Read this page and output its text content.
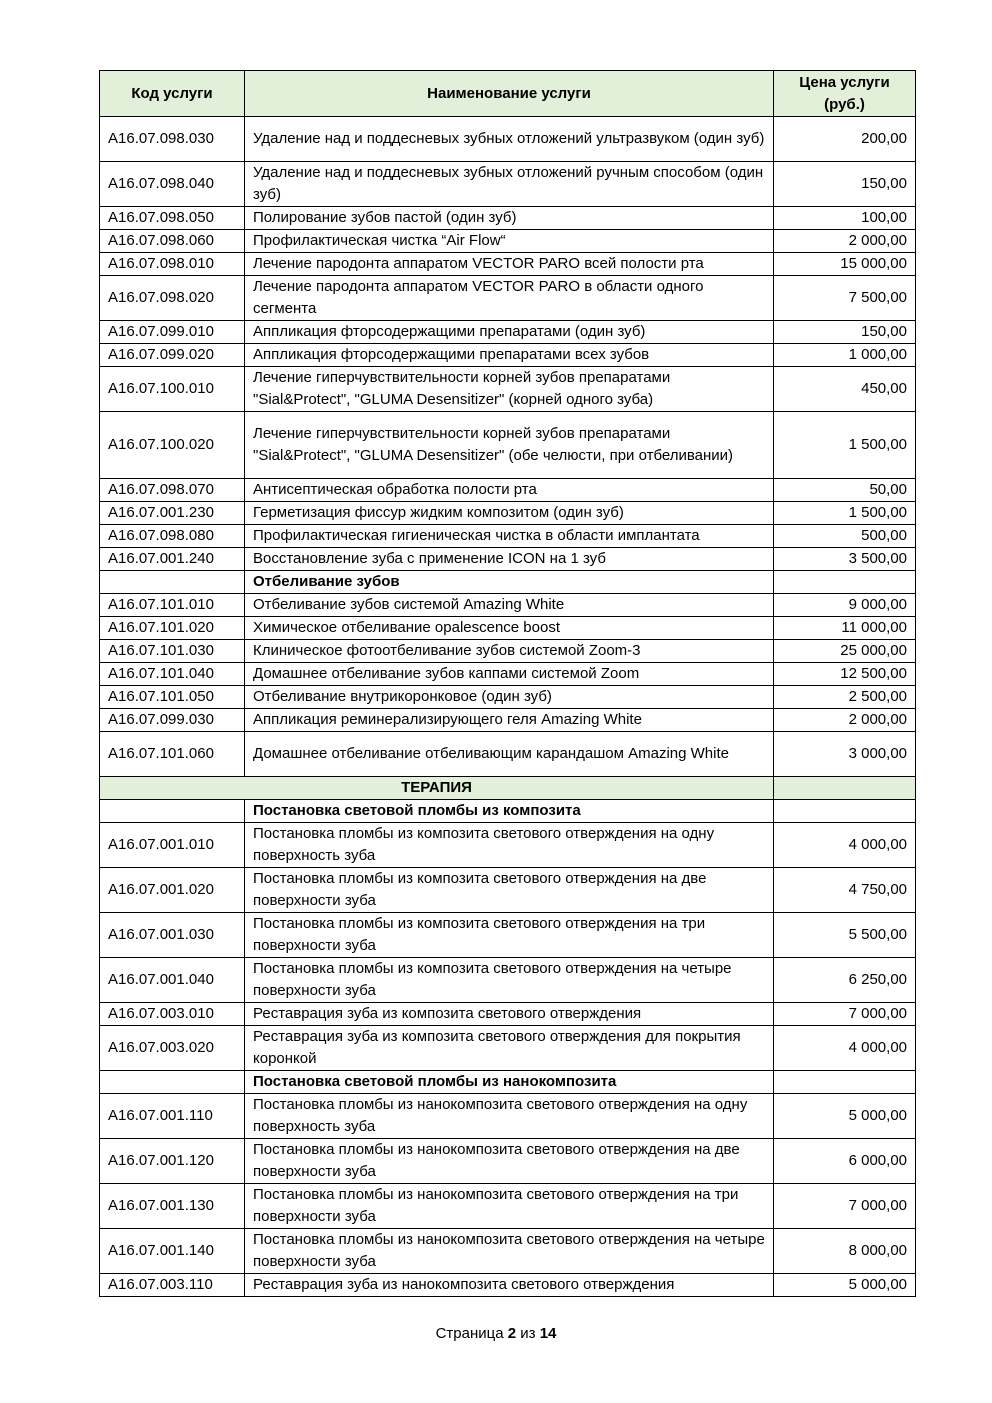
Код услуги	Наименование услуги	Цена услуги (руб.)
A16.07.098.030	Удаление над и поддесневых зубных отложений ультразвуком (один зуб)	200,00
A16.07.098.040	Удаление над и поддесневых зубных отложений ручным способом (один зуб)	150,00
A16.07.098.050	Полирование зубов пастой (один зуб)	100,00
A16.07.098.060	Профилактическая чистка “Air Flow“	2 000,00
A16.07.098.010	Лечение пародонта аппаратом VECTOR PARO всей полости рта	15 000,00
A16.07.098.020	Лечение пародонта аппаратом VECTOR PARO в области одного сегмента	7 500,00
A16.07.099.010	Аппликация фторсодержащими препаратами (один зуб)	150,00
A16.07.099.020	Аппликация фторсодержащими препаратами всех зубов	1 000,00
A16.07.100.010	Лечение гиперчувствительности корней зубов препаратами "Sial&Protect", "GLUMA Desensitizer" (корней одного зуба)	450,00
A16.07.100.020	Лечение гиперчувствительности корней зубов препаратами "Sial&Protect", "GLUMA Desensitizer" (обе челюсти, при отбеливании)	1 500,00
A16.07.098.070	Антисептическая обработка полости рта	50,00
A16.07.001.230	Герметизация фиссур жидким композитом (один зуб)	1 500,00
A16.07.098.080	Профилактическая гигиеническая чистка в области имплантата	500,00
A16.07.001.240	Восстановление зуба с применение ICON на 1 зуб	3 500,00
	Отбеливание зубов	
A16.07.101.010	Отбеливание зубов системой Amazing White	9 000,00
A16.07.101.020	Химическое отбеливание opalescence boost	11 000,00
A16.07.101.030	Клиническое фотоотбеливание зубов системой Zoom-3	25 000,00
A16.07.101.040	Домашнее отбеливание зубов каппами системой Zoom	12 500,00
A16.07.101.050	Отбеливание внутрикоронковое (один зуб)	2 500,00
A16.07.099.030	Аппликация реминерализирующего геля Amazing White	2 000,00
A16.07.101.060	Домашнее отбеливание отбеливающим карандашом Amazing White	3 000,00
ТЕРАПИЯ		
	Постановка световой пломбы из композита	
A16.07.001.010	Постановка пломбы из композита светового отверждения на одну поверхность зуба	4 000,00
A16.07.001.020	Постановка пломбы из композита светового отверждения на две поверхности зуба	4 750,00
A16.07.001.030	Постановка пломбы из композита светового отверждения на три поверхности зуба	5 500,00
A16.07.001.040	Постановка пломбы из композита светового отверждения на четыре поверхности зуба	6 250,00
A16.07.003.010	Реставрация зуба из композита светового отверждения	7 000,00
A16.07.003.020	Реставрация зуба из композита светового отверждения для покрытия коронкой	4 000,00
	Постановка световой пломбы из нанокомпозита	
A16.07.001.110	Постановка пломбы из нанокомпозита светового отверждения на одну поверхность зуба	5 000,00
A16.07.001.120	Постановка пломбы из нанокомпозита светового отверждения на две поверхности зуба	6 000,00
A16.07.001.130	Постановка пломбы из нанокомпозита светового отверждения на три поверхности зуба	7 000,00
A16.07.001.140	Постановка пломбы из нанокомпозита светового отверждения на четыре поверхности зуба	8 000,00
A16.07.003.110	Реставрация зуба из нанокомпозита светового отверждения	5 000,00
Страница 2 из 14
